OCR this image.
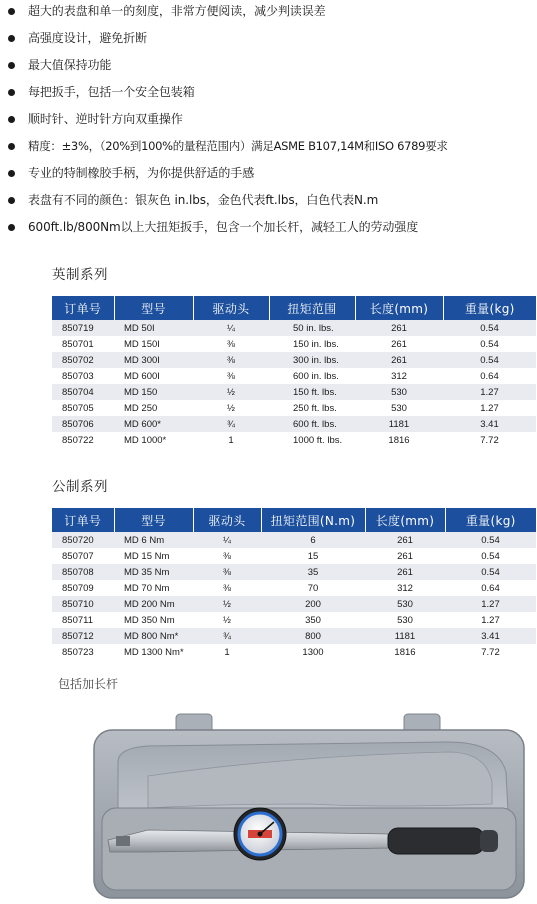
超大的表盘和单一的刻度，非常方便阅读，减少判读误差
高强度设计，避免折断
最大值保持功能
每把扳手，包括一个安全包装箱
顺时针、逆时针方向双重操作
精度：±3%，（20%到100%的量程范围内）满足ASME B107,14M和ISO 6789要求
专业的特制橡胶手柄，为你提供舒适的手感
表盘有不同的颜色：银灰色 in.lbs，金色代表ft.lbs，白色代表N.m
600ft.lb/800Nm以上大扭矩扳手，包含一个加长杆，减轻工人的劳动强度
英制系列
订单号	型号	驱动头	扭矩范围	长度(mm)	重量(kg)
850719	MD 50I	¼	50 in. lbs.	261	0.54
850701	MD 150I	⅜	150 in. lbs.	261	0.54
850702	MD 300I	⅜	300 in. lbs.	261	0.54
850703	MD 600I	⅜	600 in. lbs.	312	0.64
850704	MD 150	½	150 ft. lbs.	530	1.27
850705	MD 250	½	250 ft. lbs.	530	1.27
850706	MD 600*	¾	600 ft. lbs.	1181	3.41
850722	MD 1000*	1	1000 ft. lbs.	1816	7.72
公制系列
订单号	型号	驱动头	扭矩范围(N.m)	长度(mm)	重量(kg)
850720	MD 6 Nm	¼	6	261	0.54
850707	MD 15 Nm	⅜	15	261	0.54
850708	MD 35 Nm	⅜	35	261	0.54
850709	MD 70 Nm	⅜	70	312	0.64
850710	MD 200 Nm	½	200	530	1.27
850711	MD 350 Nm	½	350	530	1.27
850712	MD 800 Nm*	¾	800	1181	3.41
850723	MD 1300 Nm*	1	1300	1816	7.72
包括加长杆
